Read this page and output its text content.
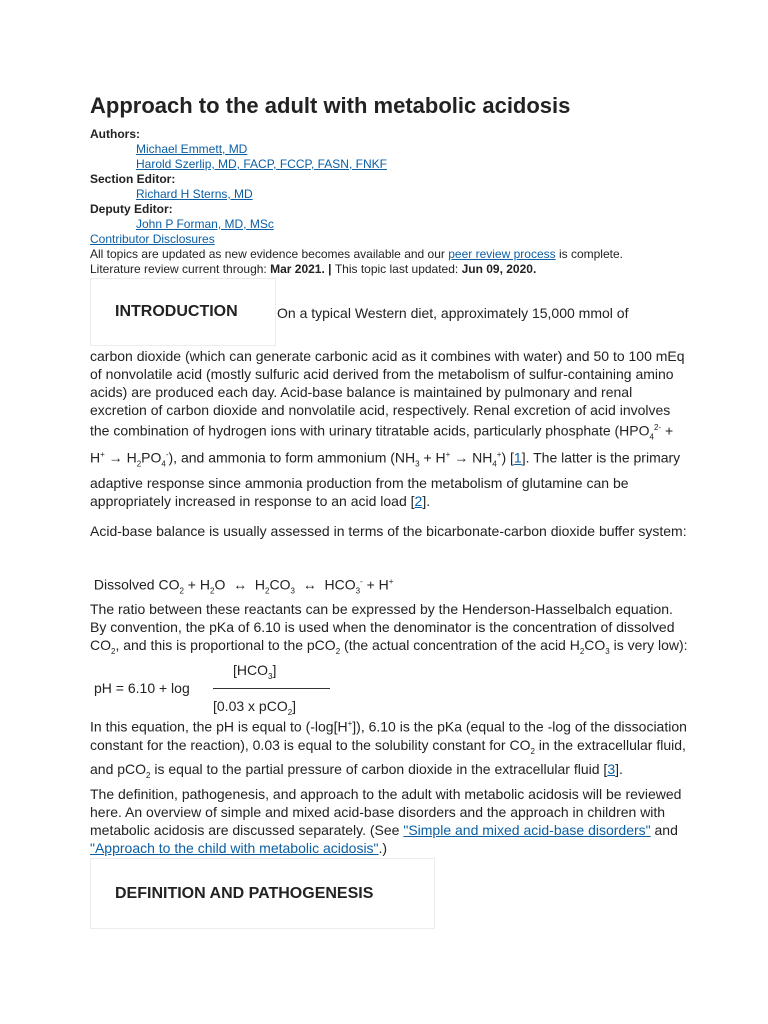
Approach to the adult with metabolic acidosis
Authors:
Michael Emmett, MD
Harold Szerlip, MD, FACP, FCCP, FASN, FNKF
Section Editor:
Richard H Sterns, MD
Deputy Editor:
John P Forman, MD, MSc
Contributor Disclosures
All topics are updated as new evidence becomes available and our peer review process is complete.
Literature review current through: Mar 2021. | This topic last updated: Jun 09, 2020.
INTRODUCTION	On a typical Western diet, approximately 15,000 mmol of

carbon dioxide (which can generate carbonic acid as it combines with water) and 50 to 100 mEq of nonvolatile acid (mostly sulfuric acid derived from the metabolism of sulfur-containing amino acids) are produced each day. Acid-base balance is maintained by pulmonary and renal excretion of carbon dioxide and nonvolatile acid, respectively. Renal excretion of acid involves the combination of hydrogen ions with urinary titratable acids, particularly phosphate $(HPO_4^{2-} + H^+ \to H_2PO_4^-)$, and ammonia to form ammonium $(NH_3 + H^+ \to NH_4^+)$ [1]. The latter is the primary adaptive response since ammonia production from the metabolism of glutamine can be appropriately increased in response to an acid load [2].

Acid-base balance is usually assessed in terms of the bicarbonate-carbon dioxide buffer system:
Dissolved $CO_2 + H_2O$  ↔  $H_2CO_3$  ↔  $HCO_3^- + H^+$

The ratio between these reactants can be expressed by the Henderson-Hasselbalch equation. By convention, the pKa of 6.10 is used when the denominator is the concentration of dissolved $CO_2$, and this is proportional to the pCO$_2$ (the actual concentration of the acid $H_2CO_3$ is very low):

$[HCO_3]$
pH = 6.10 + log
[0.03 x pCO$_2$]

In this equation, the pH is equal to (-log[H+]), 6.10 is the pKa (equal to the -log of the dissociation constant for the reaction), 0.03 is equal to the solubility constant for $CO_2$ in the extracellular fluid, and pCO$_2$ is equal to the partial pressure of carbon dioxide in the extracellular fluid [3].

The definition, pathogenesis, and approach to the adult with metabolic acidosis will be reviewed here. An overview of simple and mixed acid-base disorders and the approach in children with metabolic acidosis are discussed separately. (See "Simple and mixed acid-base disorders" and "Approach to the child with metabolic acidosis".)

DEFINITION AND PATHOGENESIS
